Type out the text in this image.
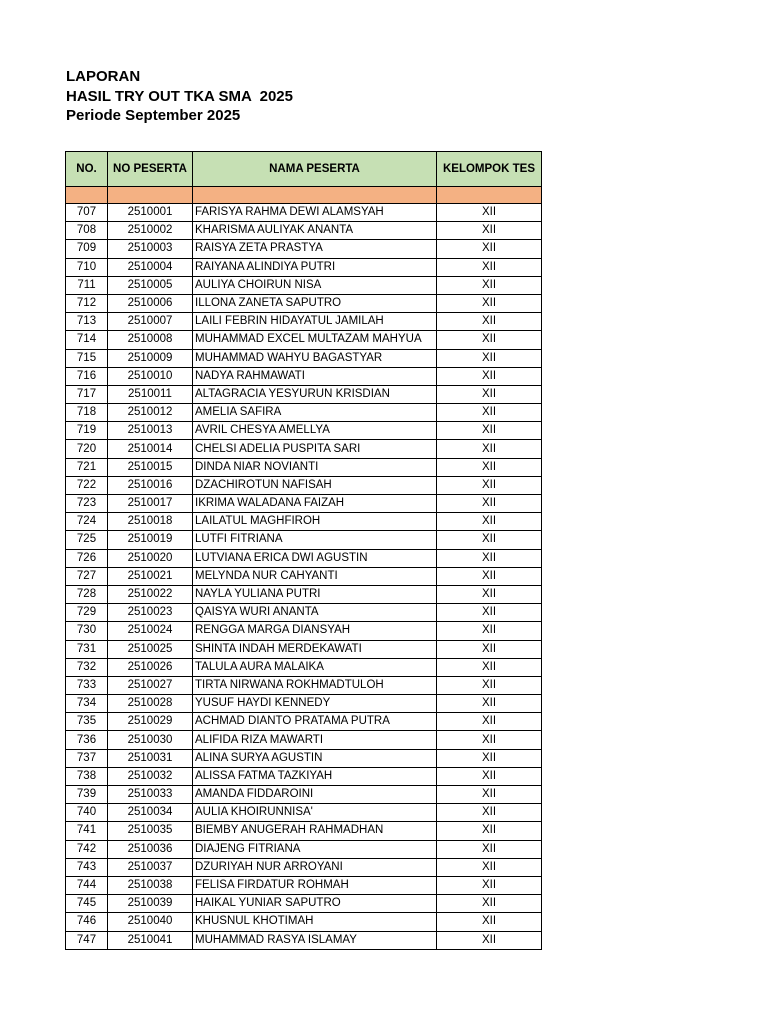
LAPORAN
HASIL TRY OUT TKA SMA  2025
Periode September 2025
NO.	NO PESERTA	NAMA PESERTA	KELOMPOK TES

707	2510001	FARISYA RAHMA DEWI ALAMSYAH	XII
708	2510002	KHARISMA AULIYAK ANANTA	XII
709	2510003	RAISYA ZETA PRASTYA	XII
710	2510004	RAIYANA ALINDIYA PUTRI	XII
711	2510005	AULIYA CHOIRUN NISA	XII
712	2510006	ILLONA ZANETA SAPUTRO	XII
713	2510007	LAILI FEBRIN HIDAYATUL JAMILAH	XII
714	2510008	MUHAMMAD EXCEL MULTAZAM MAHYUA	XII
715	2510009	MUHAMMAD WAHYU BAGASTYAR	XII
716	2510010	NADYA RAHMAWATI	XII
717	2510011	ALTAGRACIA YESYURUN KRISDIAN	XII
718	2510012	AMELIA SAFIRA	XII
719	2510013	AVRIL CHESYA AMELLYA	XII
720	2510014	CHELSI ADELIA PUSPITA SARI	XII
721	2510015	DINDA NIAR NOVIANTI	XII
722	2510016	DZACHIROTUN NAFISAH	XII
723	2510017	IKRIMA WALADANA FAIZAH	XII
724	2510018	LAILATUL MAGHFIROH	XII
725	2510019	LUTFI FITRIANA	XII
726	2510020	LUTVIANA ERICA DWI AGUSTIN	XII
727	2510021	MELYNDA NUR CAHYANTI	XII
728	2510022	NAYLA YULIANA PUTRI	XII
729	2510023	QAISYA WURI ANANTA	XII
730	2510024	RENGGA MARGA DIANSYAH	XII
731	2510025	SHINTA INDAH MERDEKAWATI	XII
732	2510026	TALULA AURA MALAIKA	XII
733	2510027	TIRTA NIRWANA ROKHMADTULOH	XII
734	2510028	YUSUF HAYDI KENNEDY	XII
735	2510029	ACHMAD DIANTO PRATAMA PUTRA	XII
736	2510030	ALIFIDA RIZA MAWARTI	XII
737	2510031	ALINA SURYA AGUSTIN	XII
738	2510032	ALISSA FATMA TAZKIYAH	XII
739	2510033	AMANDA FIDDAROINI	XII
740	2510034	AULIA KHOIRUNNISA'	XII
741	2510035	BIEMBY ANUGERAH RAHMADHAN	XII
742	2510036	DIAJENG FITRIANA	XII
743	2510037	DZURIYAH NUR ARROYANI	XII
744	2510038	FELISA FIRDATUR ROHMAH	XII
745	2510039	HAIKAL YUNIAR SAPUTRO	XII
746	2510040	KHUSNUL KHOTIMAH	XII
747	2510041	MUHAMMAD RASYA ISLAMAY	XII
